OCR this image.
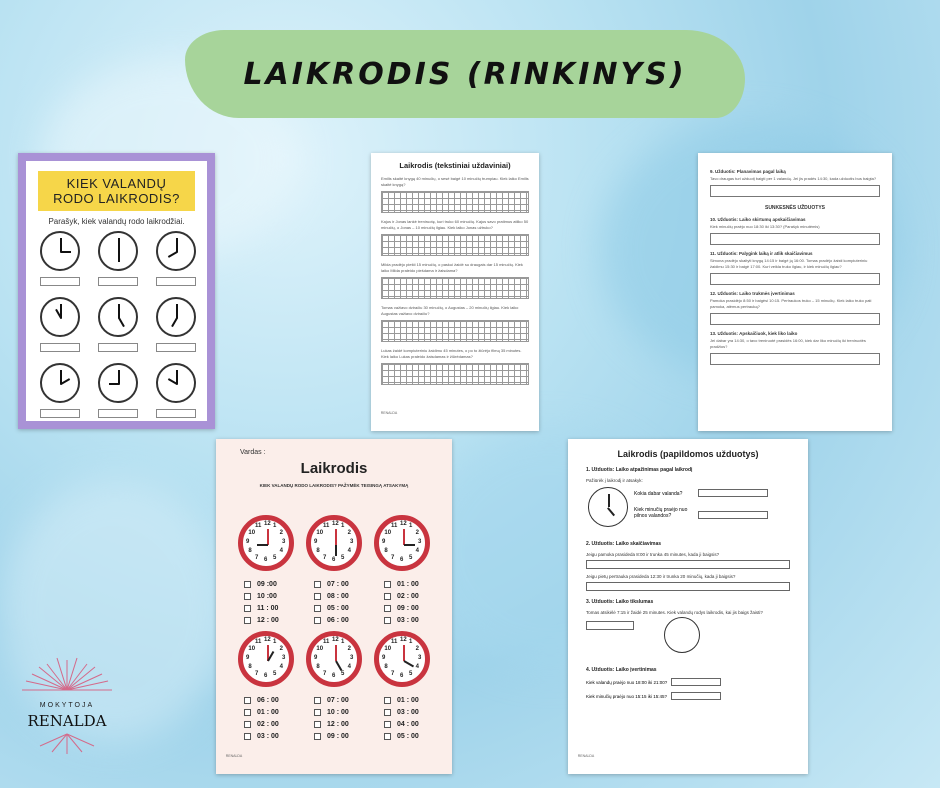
LAIKRODIS (RINKINYS)
KIEK VALANDŲ
RODO LAIKRODIS?
Parašyk, kiek valandų rodo laikrodžiai.
Laikrodis (tekstiniai uždaviniai)
Emilis skaitė knygą 40 minučių, o sesė baigė 10 minučių trumpiau. Kiek laiko Emilis skaitė knygą?
Kajus ir Jonas lankė treniruotę, kuri truko 60 minučių. Kajus savo pratimus atliko 50 minučių, o Jonas – 10 minučių ilgiau. Kiek laiko Jonas užtruko?
Milda pradėjo piešti 15 minučių, o paskui žaidė su draugais dar 15 minučių. Kiek laiko Milda praleido piešdama ir žaisdama?
Tomas važiavo dviračiu 30 minučių, o Augustas – 20 minučių ilgiau. Kiek laiko Augustas važiavo dviračiu?
Lukas žaidė kompiuteriniu žaidimu 45 minutes, o po to žiūrėjo filmą 35 minutes. Kiek laiko Lukas praleido žaisdamas ir žiūrėdamas?
RENALDA
9. Užduotis: Planavimas pagal laiką
Tavo draugas turi užduotį baigti per 1 valandą. Jei jis pradės 14:30, kada užduotis bus baigta?
SUNKESNĖS UŽDUOTYS
10. Užduotis: Laiko skirtumų apskaičiavimas
Kiek minučių praėjo nuo 18:30 iki 13:30? (Parašyk minutėmis)
11. Užduotis: Palygink laiką ir atlik skaičiavimus
Simona pradėjo skaityti knygą 14:15 ir baigė ją 16:00. Tomas pradėjo žaisti kompiuteriniu žaidimu 15:30 ir baigė 17:00. Kuri veikla truko ilgiau, ir kiek minučių ilgiau?
12. Užduotis: Laiko trukmės įvertinimas
Pamoka prasidėjo 8:50 ir baigėsi 10:15. Pertraukos truko – 15 minučių. Kiek laiko truko pati pamoka, atėmus pertrauką?
13. Užduotis: Apskaičiuok, kiek liko laiko
Jei dabar yra 14:30, o tavo treniruotė prasidės 16:00, kiek dar liko minučių iki treniruotės pradžios?
Vardas :
Laikrodis
KIEK VALANDŲ RODO LAIKRODIS? PAŽYMĖK TEISINGĄ ATSAKYMĄ
12 1
2
3
4
5
6
7
8
9
10
11	12 1
2
3
4
5
6
7
8
9
10
11	12 1
2
3
4
5
6
7
8
9
10
11
12 1
2
3
4
5
6
7
8
9
10
11	12 1
2
3
4
5
6
7
8
9
10
11	12 1
2
3
4
5
6
7
8
9
10
11
09 :00	07 : 00	01 : 00
10 :00	08 : 00	02 : 00
11 : 00	05 : 00	09 : 00
12 : 00	06 : 00	03 : 00
06 : 00	07 : 00	01 : 00
01 : 00	10 : 00	03 : 00
02 : 00	12 : 00	04 : 00
03 : 00	09 : 00	05 : 00
RENALDA
Laikrodis (papildomos užduotys)
1. Užduotis: Laiko atpažinimas pagal laikrodį
Pažiūrėk į laikrodį ir atsakyk:
Kokia dabar valanda?
Kiek minučių praėjo nuo pilnos valandos?
2. Užduotis: Laiko skaičiavimas
Jeigu pamoka prasideda 8:00 ir trunka 45 minutes, kada ji baigsis?
Jeigu pietų pertrauka prasideda 12:30 ir trunka 20 minučių, kada ji baigsis?
3. Užduotis: Laiko tikslumas
Tomas atsikėlė 7:15 ir žaidė 25 minutes. Kiek valandų rodys laikrodis, kai jis baigs žaisti?
4. Užduotis: Laiko įvertinimas
Kiek valandų praėjo nuo 18:00 iki 21:00?
Kiek minučių praėjo nuo 15:15 iki 15:45?
RENALDA
MOKYTOJA
RENALDA
